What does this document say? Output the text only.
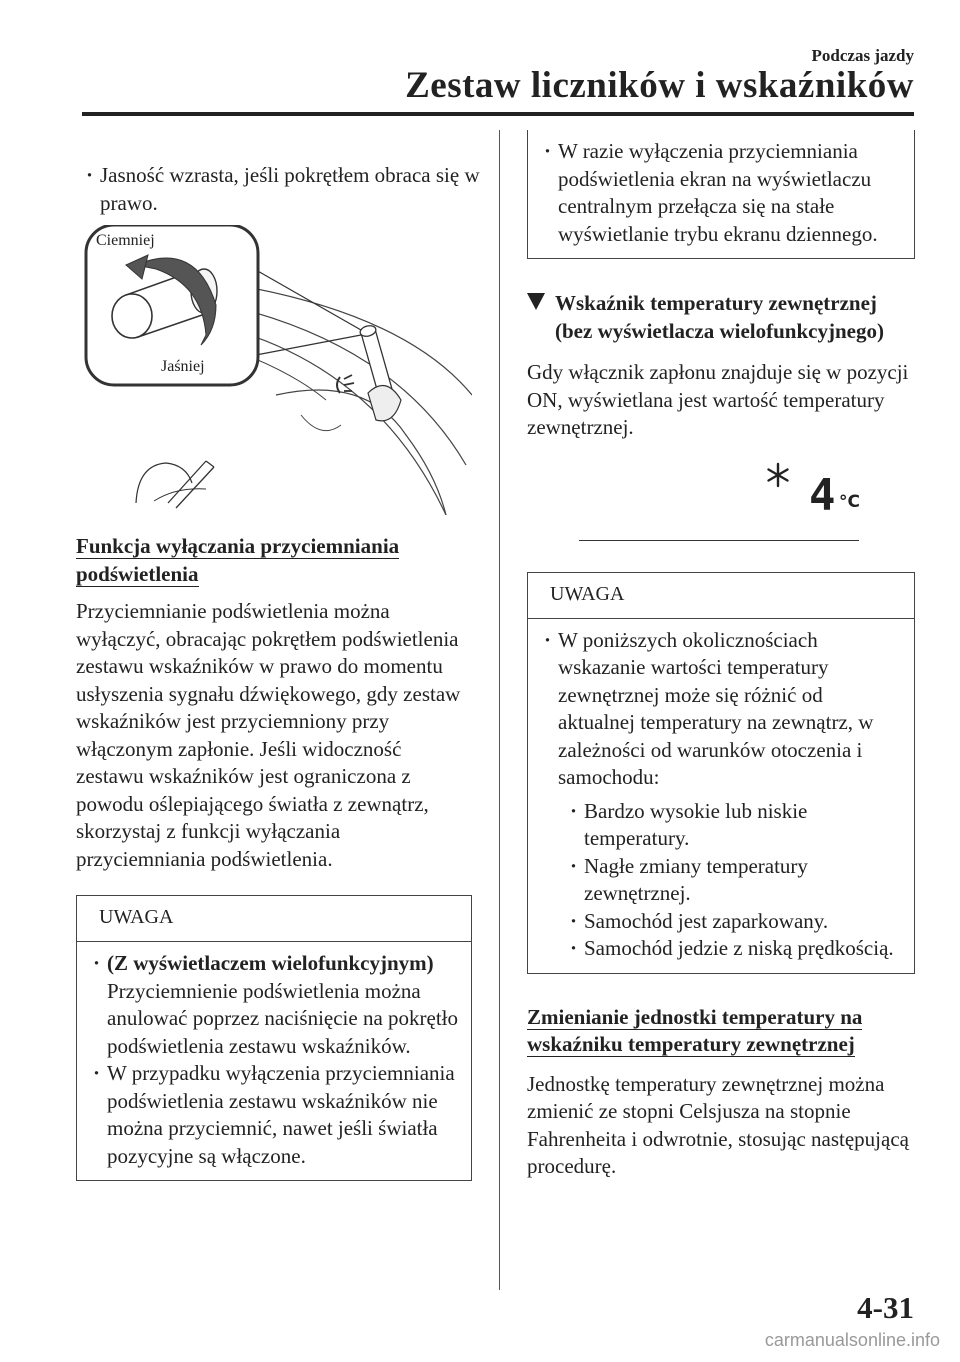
Podczas jazdy
Zestaw liczników i wskaźników
· Jasność wzrasta, jeśli pokrętłem obraca się w prawo.
Ciemniej
Jaśniej
Funkcja wyłączania przyciemniania podświetlenia

Przyciemnianie podświetlenia można wyłączyć, obracając pokrętłem podświetlenia zestawu wskaźników w prawo do momentu usłyszenia sygnału dźwiękowego, gdy zestaw wskaźników jest przyciemniony przy włączonym zapłonie. Jeśli widoczność zestawu wskaźników jest ograniczona z powodu oślepiającego światła z zewnątrz, skorzystaj z funkcji wyłączania przyciemniania podświetlenia.

UWAGA
· (Z wyświetlaczem wielofunkcyjnym)
Przyciemnienie podświetlenia można anulować poprzez naciśnięcie na pokrętło podświetlenia zestawu wskaźników.
· W przypadku wyłączenia przyciemniania podświetlenia zestawu wskaźników nie można przyciemnić, nawet jeśli światła pozycyjne są włączone.
· W razie wyłączenia przyciemniania podświetlenia ekran na wyświetlaczu centralnym przełącza się na stałe wyświetlanie trybu ekranu dziennego.
Wskaźnik temperatury zewnętrznej (bez wyświetlacza wielofunkcyjnego)

Gdy włącznik zapłonu znajduje się w pozycji ON, wyświetlana jest wartość temperatury zewnętrznej.

4 °C
UWAGA
· W poniższych okolicznościach wskazanie wartości temperatury zewnętrznej może się różnić od aktualnej temperatury na zewnątrz, w zależności od warunków otoczenia i samochodu:
· Bardzo wysokie lub niskie temperatury.
· Nagłe zmiany temperatury zewnętrznej.
· Samochód jest zaparkowany.
· Samochód jedzie z niską prędkością.
Zmienianie jednostki temperatury na wskaźniku temperatury zewnętrznej

Jednostkę temperatury zewnętrznej można zmienić ze stopni Celsjusza na stopnie Fahrenheita i odwrotnie, stosując następującą procedurę.

4-31
carmanualsonline.info
